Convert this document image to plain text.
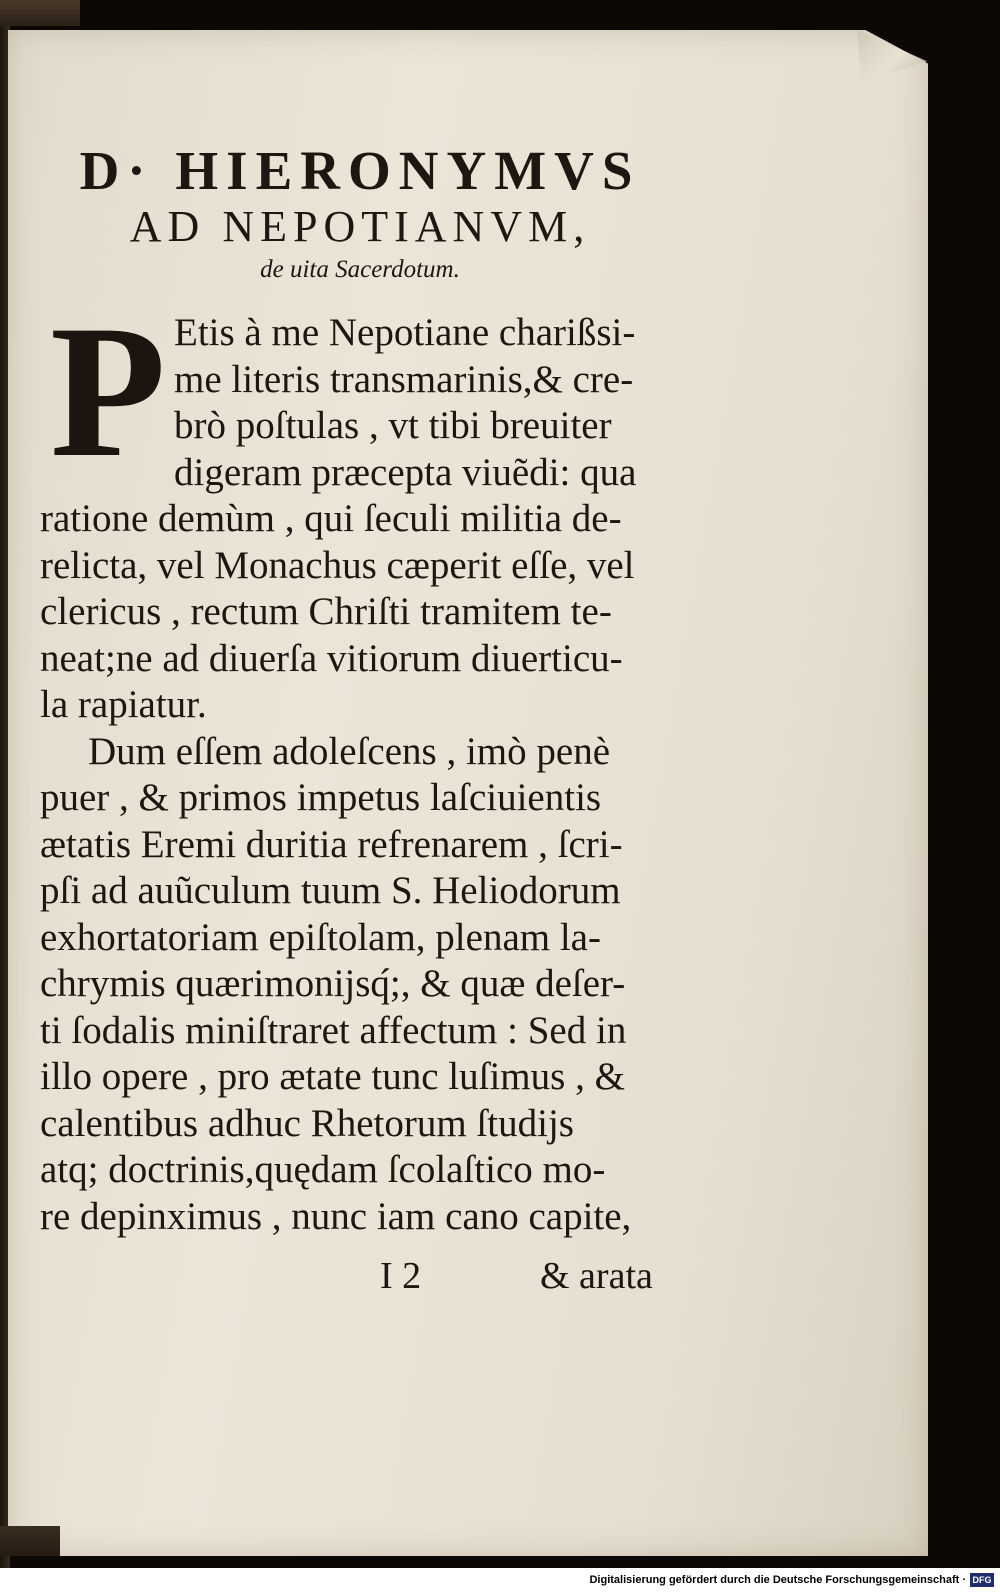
D· HIERONYMVS

AD NEPOTIANVM,

de uita Sacerdotum.

P Etis à me Nepotiane charißsi-

me literis transmarinis,& cre-

brò poſtulas , vt tibi breuiter

digeram præcepta viuẽdi: qua

ratione demùm , qui ſeculi militia de-

relicta, vel Monachus cæperit eſſe, vel

clericus , rectum Chriſti tramitem te-

neat;ne ad diuerſa vitiorum diuerticu-

la rapiatur.

Dum eſſem adoleſcens , imò penè

puer , & primos impetus laſciuientis

ætatis Eremi duritia refrenarem , ſcri-

pſi ad auũculum tuum S. Heliodorum

exhortatoriam epiſtolam, plenam la-

chrymis quærimonijsq́;, & quæ deſer-

ti ſodalis miniſtraret affectum : Sed in

illo opere , pro ætate tunc luſimus , &

calentibus adhuc Rhetorum ſtudijs

atq; doctrinis,quędam ſcolaſtico mo-

re depinximus , nunc iam cano capite,

I 2	& arata
Digitalisierung gefördert durch die Deutsche Forschungsgemeinschaft · DFG
